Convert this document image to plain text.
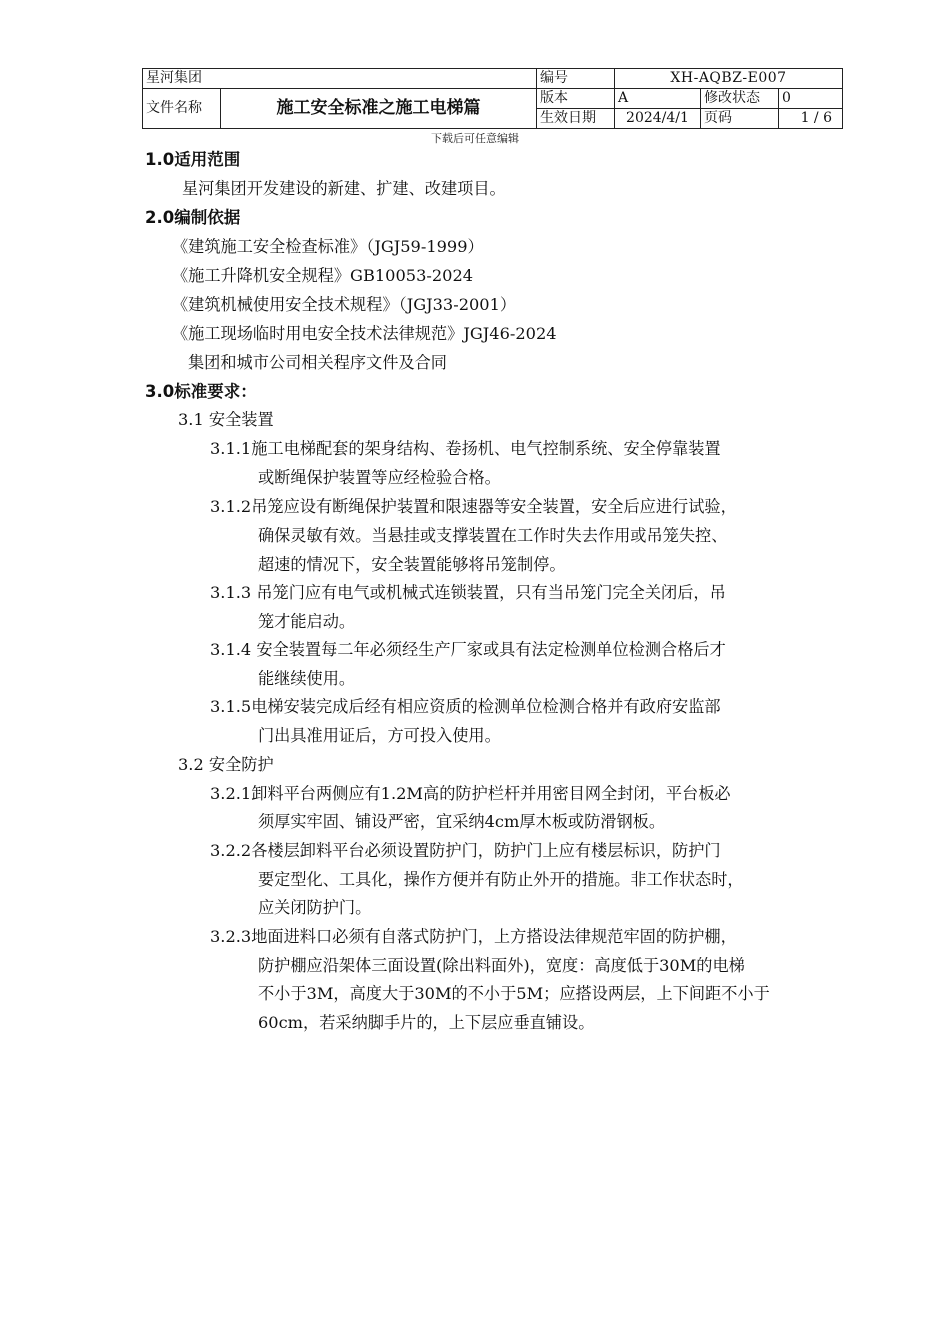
星河集团		编号	XH-AQBZ-E007		
文件名称	施工安全标准之施工电梯篇	版本	A	修改状态	0
		生效日期	2024/4/1	页码	1 / 6
下载后可任意编辑
1.0适用范围
星河集团开发建设的新建、扩建、改建项目。
2.0编制依据
《建筑施工安全检查标准》（JGJ59-1999）
《施工升降机安全规程》GB10053-2024
《建筑机械使用安全技术规程》（JGJ33-2001）
《施工现场临时用电安全技术法律规范》JGJ46-2024
集团和城市公司相关程序文件及合同
3.0标准要求：
3.1 安全装置
3.1.1施工电梯配套的架身结构、卷扬机、电气控制系统、安全停靠装置
或断绳保护装置等应经检验合格。
3.1.2吊笼应设有断绳保护装置和限速器等安全装置，安全后应进行试验，
确保灵敏有效。当悬挂或支撑装置在工作时失去作用或吊笼失控、
超速的情况下，安全装置能够将吊笼制停。
3.1.3 吊笼门应有电气或机械式连锁装置，只有当吊笼门完全关闭后，吊
笼才能启动。
3.1.4 安全装置每二年必须经生产厂家或具有法定检测单位检测合格后才
能继续使用。
3.1.5电梯安装完成后经有相应资质的检测单位检测合格并有政府安监部
门出具准用证后，方可投入使用。
3.2 安全防护
3.2.1卸料平台两侧应有1.2M高的防护栏杆并用密目网全封闭，平台板必
须厚实牢固、铺设严密，宜采纳4cm厚木板或防滑钢板。
3.2.2各楼层卸料平台必须设置防护门，防护门上应有楼层标识，防护门
要定型化、工具化，操作方便并有防止外开的措施。非工作状态时，
应关闭防护门。
3.2.3地面进料口必须有自落式防护门，上方搭设法律规范牢固的防护棚，
防护棚应沿架体三面设置(除出料面外)，宽度：高度低于30M的电梯
不小于3M，高度大于30M的不小于5M；应搭设两层，上下间距不小于
60cm，若采纳脚手片的，上下层应垂直铺设。
